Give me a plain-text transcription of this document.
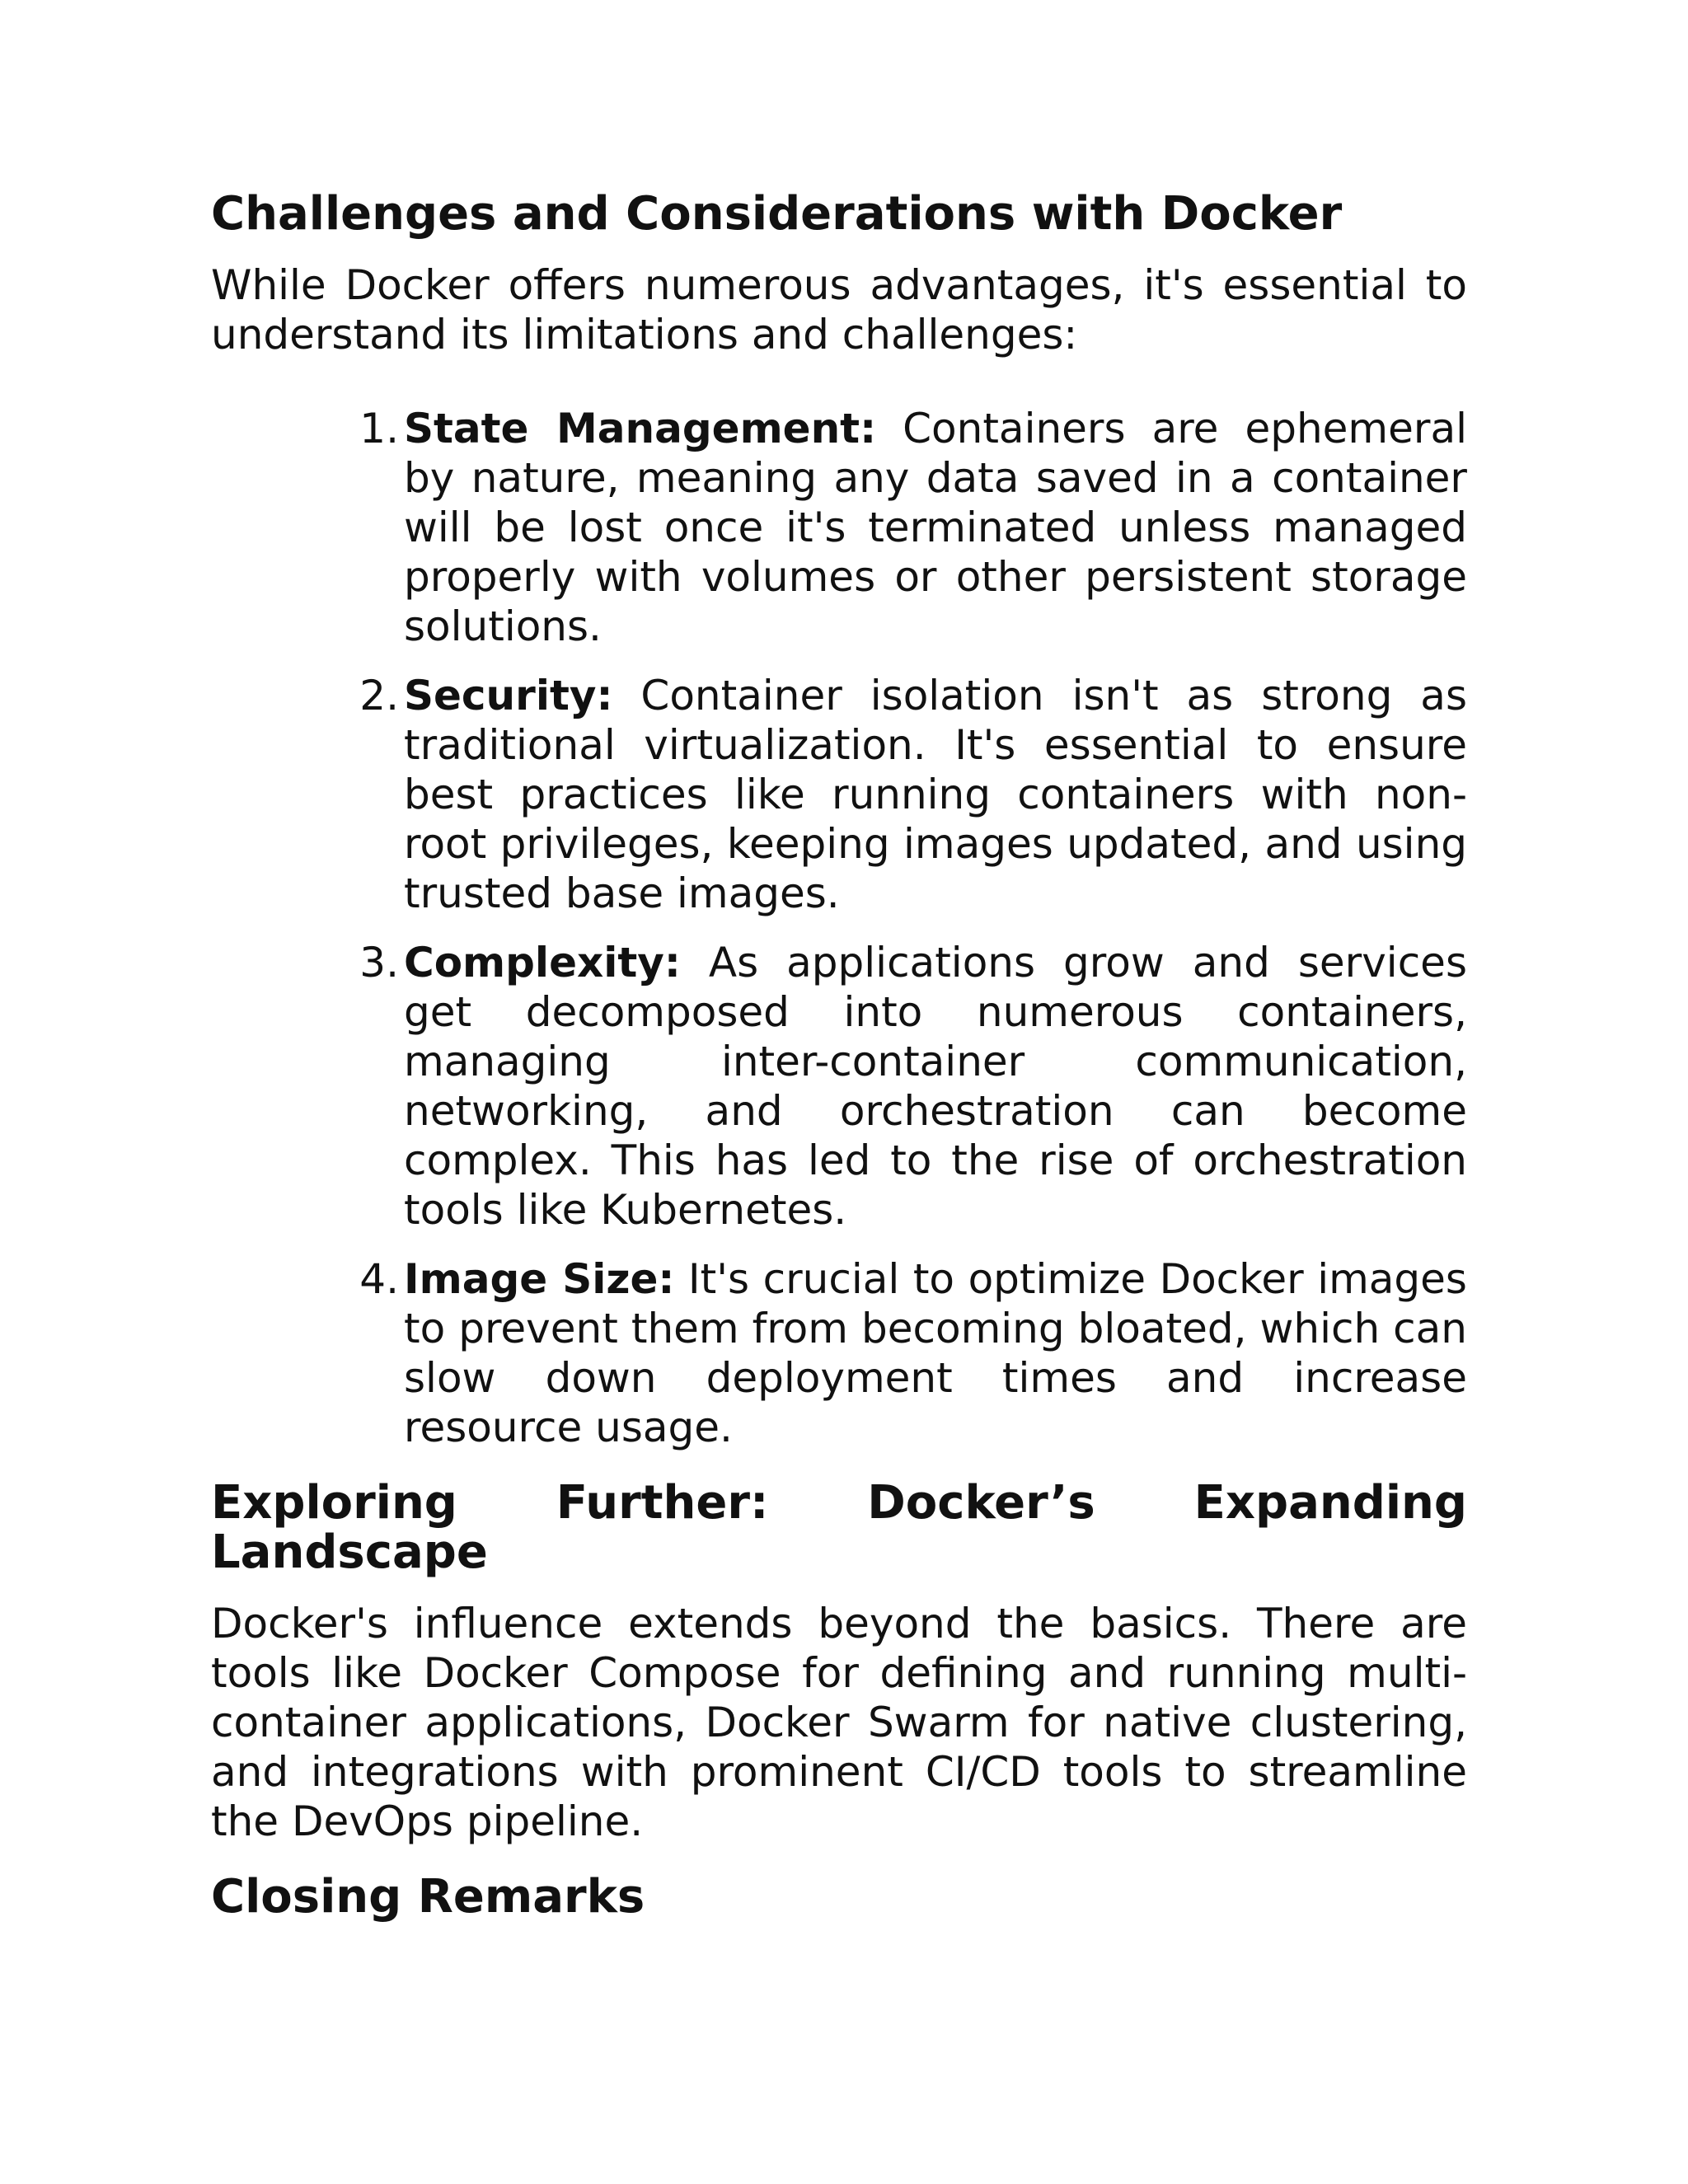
Challenges and Considerations with Docker

While Docker offers numerous advantages, it's essential to understand its limitations and challenges:

1. State Management: Containers are ephemeral by nature, meaning any data saved in a container will be lost once it's terminated unless managed properly with volumes or other persistent storage solutions.
2. Security: Container isolation isn't as strong as traditional virtualization. It's essential to ensure best practices like running containers with non-root privileges, keeping images updated, and using trusted base images.
3. Complexity: As applications grow and services get decomposed into numerous containers, managing inter-container communication, networking, and orchestration can become complex. This has led to the rise of orchestration tools like Kubernetes.
4. Image Size: It's crucial to optimize Docker images to prevent them from becoming bloated, which can slow down deployment times and increase resource usage.
Exploring Further: Docker’s Expanding
Landscape

Docker's influence extends beyond the basics. There are tools like Docker Compose for defining and running multi-container applications, Docker Swarm for native clustering, and integrations with prominent CI/CD tools to streamline the DevOps pipeline.

Closing Remarks
